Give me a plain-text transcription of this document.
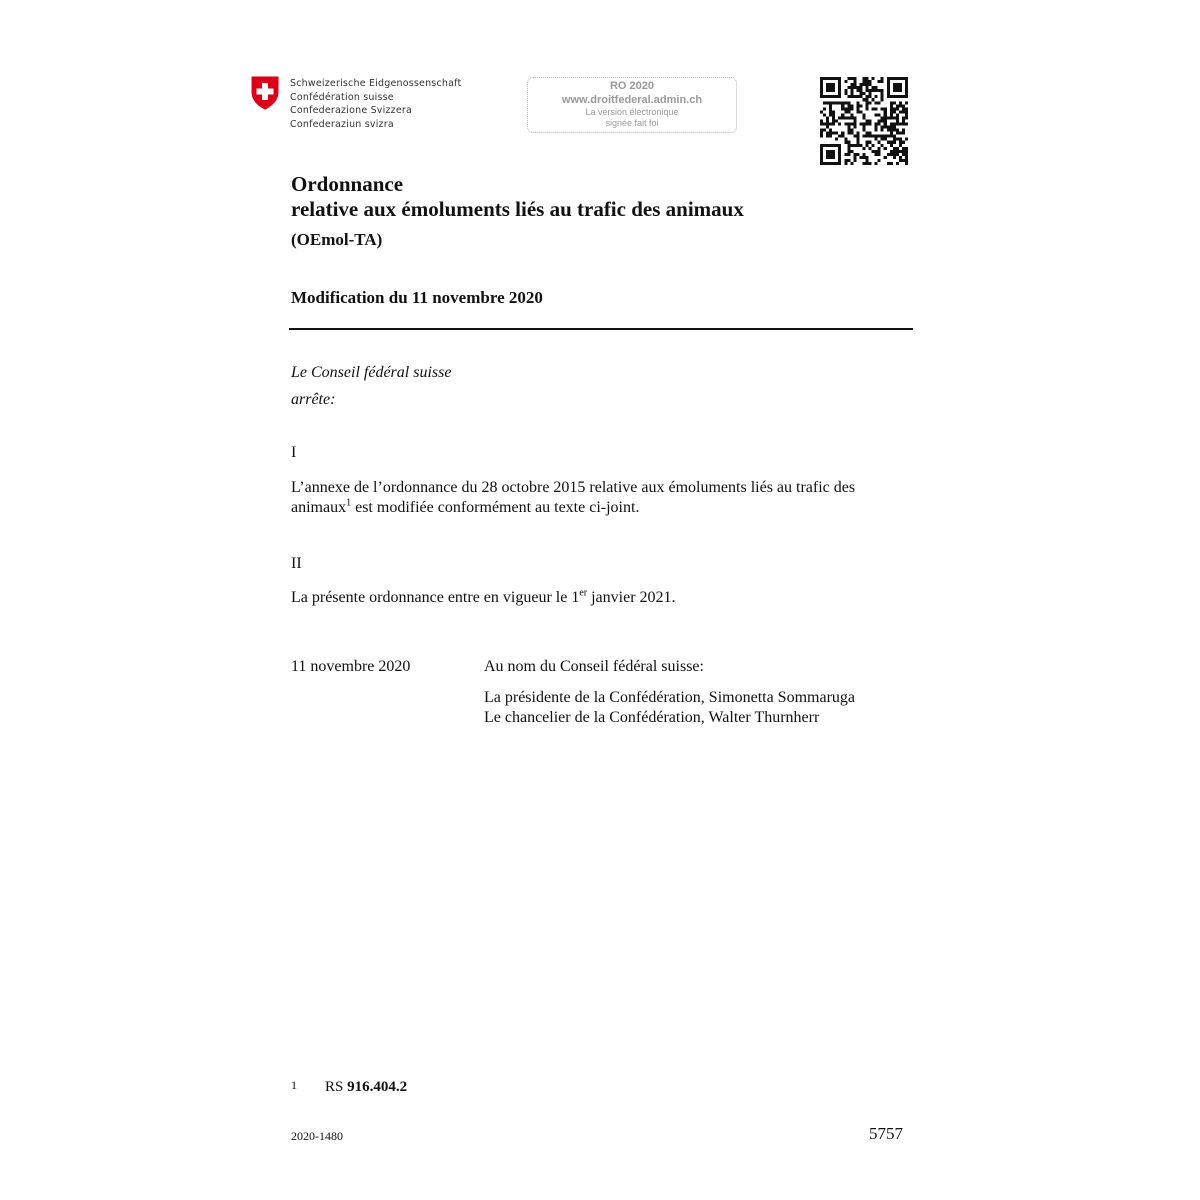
Schweizerische Eidgenossenschaft
Confédération suisse
Confederazione Svizzera
Confederaziun svizra
RO 2020
www.droitfederal.admin.ch
La version électronique
signée fait foi
Ordonnance
relative aux émoluments liés au trafic des animaux
(OEmol-TA)
Modification du 11 novembre 2020
Le Conseil fédéral suisse
arrête:
I
L’annexe de l’ordonnance du 28 octobre 2015 relative aux émoluments liés au trafic des animaux$^1$ est modifiée conformément au texte ci-joint.
II
La présente ordonnance entre en vigueur le 1er janvier 2021.
11 novembre 2020	Au nom du Conseil fédéral suisse:
La présidente de la Confédération, Simonetta Sommaruga
Le chancelier de la Confédération, Walter Thurnherr
1 RS 916.404.2
2020-1480	5757
